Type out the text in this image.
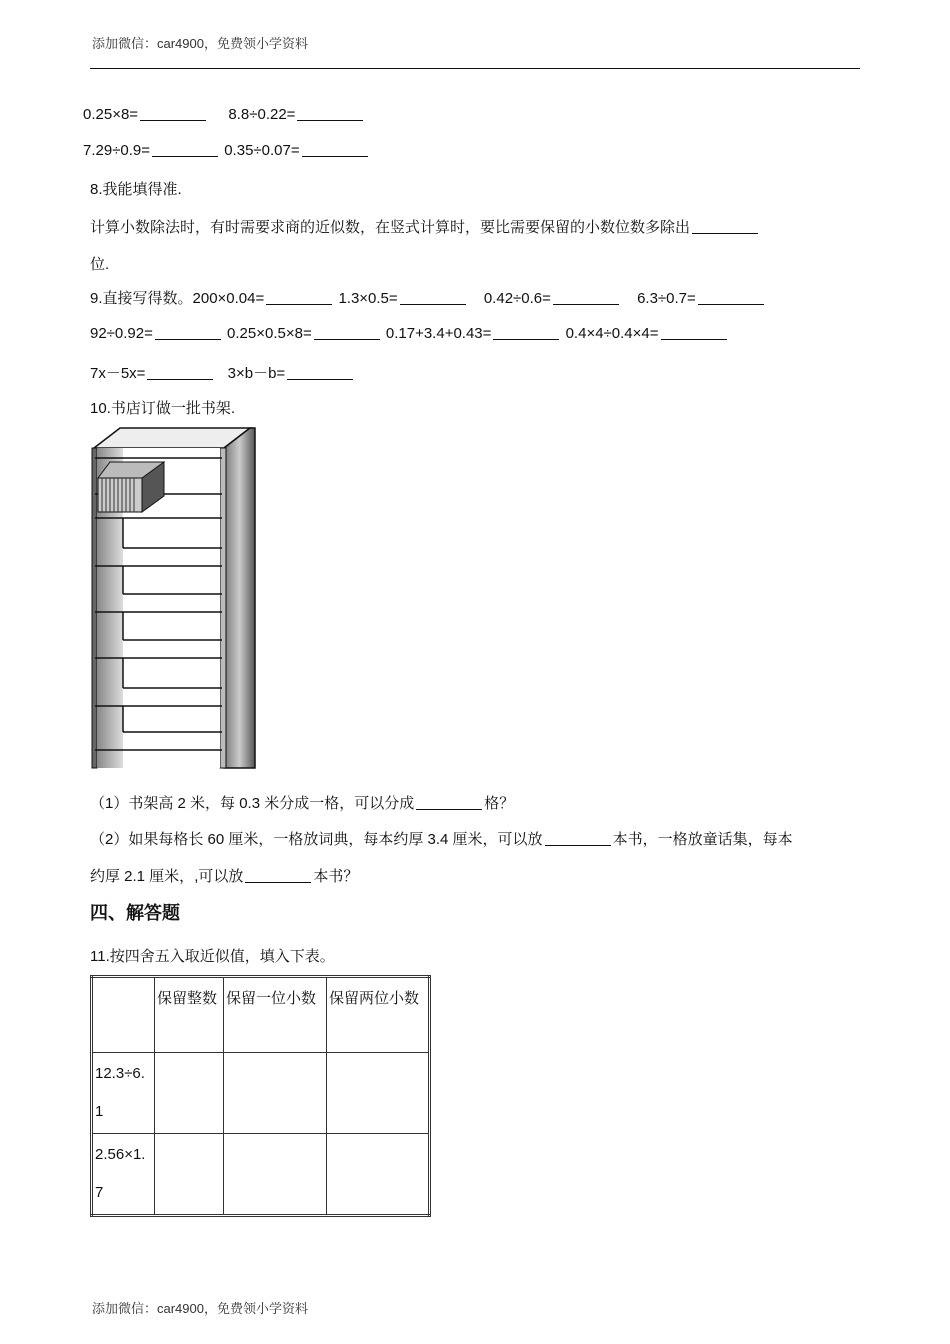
添加微信：car4900，免费领小学资料
0.25×8=	8.8÷0.22=
7.29÷0.9=	0.35÷0.07=
8.我能填得准.
计算小数除法时，有时需要求商的近似数，在竖式计算时，要比需要保留的小数位数多除出
位.
9.直接写得数。200×0.04=	1.3×0.5=	0.42÷0.6=	6.3÷0.7=
92÷0.92=	0.25×0.5×8=	0.17+3.4+0.43=	0.4×4÷0.4×4=
7x－5x=	3×b－b=
10.书店订做一批书架.
（1）书架高 2 米，每 0.3 米分成一格，可以分成	格？
（2）如果每格长 60 厘米，一格放词典，每本约厚 3.4 厘米，可以放	本书，一格放童话集，每本
约厚 2.1 厘米，,可以放	本书？
四、解答题
11.按四舍五入取近似值，填入下表。
	保留整数	保留一位小数	保留两位小数

12.3÷6.1			

2.56×1.7			

添加微信：car4900，免费领小学资料
